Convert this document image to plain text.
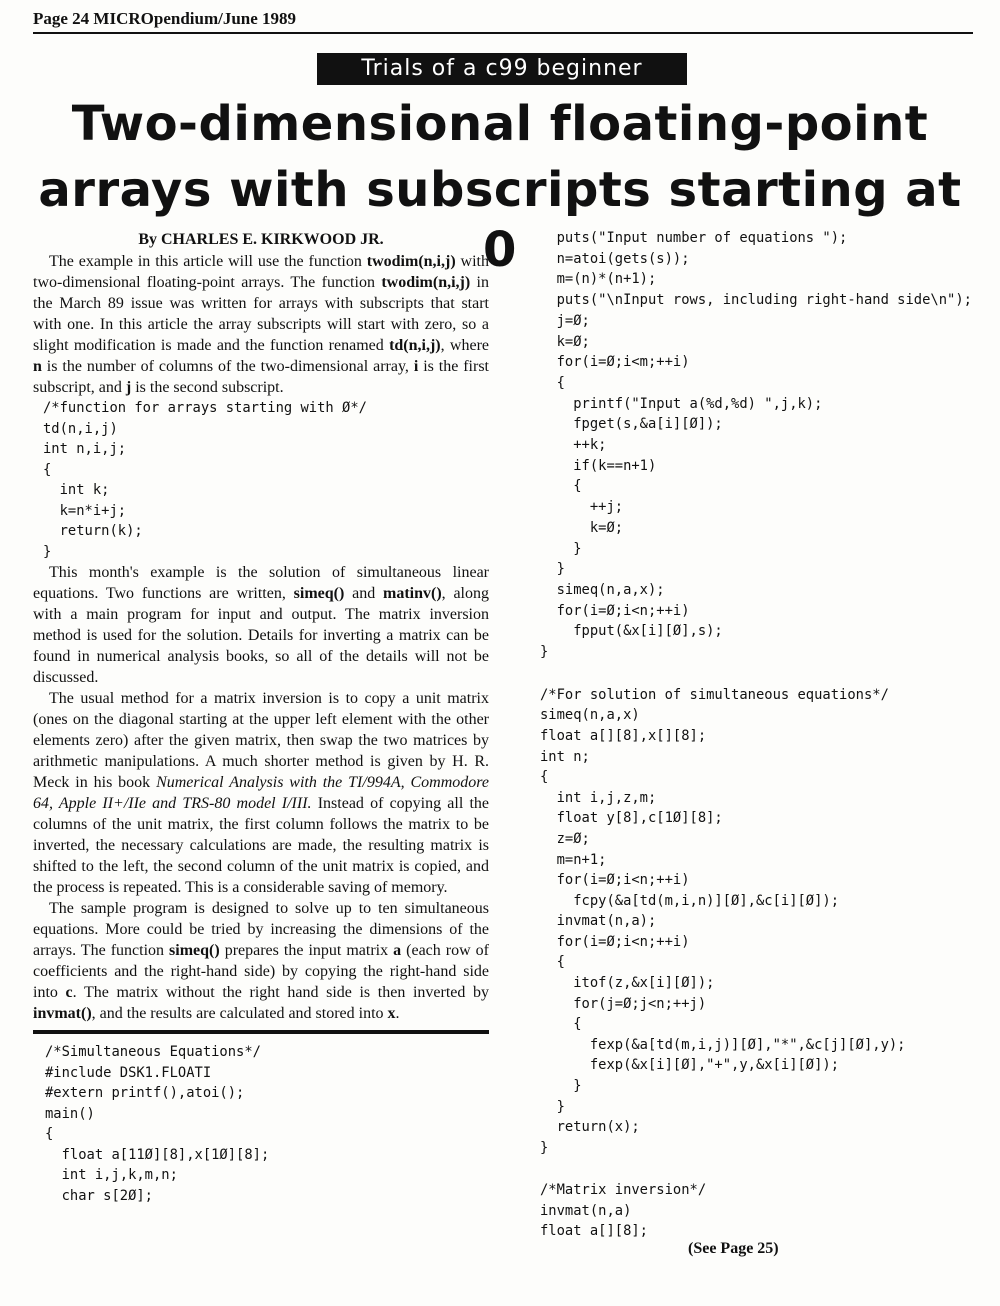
Page 24 MICROpendium/June 1989
Trials of a c99 beginner
Two-dimensional floating-point
arrays with subscripts starting at 0
By CHARLES E. KIRKWOOD JR.

The example in this article will use the function twodim(n,i,j) with two-dimensional floating-point arrays. The function twodim(n,i,j) in the March 89 issue was written for arrays with subscripts that start with one. In this article the array subscripts will start with zero, so a slight modification is made and the function renamed td(n,i,j), where n is the number of columns of the two-dimensional array, i is the first subscript, and j is the second subscript.

/*function for arrays starting with Ø*/
td(n,i,j)
int n,i,j;
{
int k;
k=n*i+j;
return(k);
}

This month's example is the solution of simultaneous linear equations. Two functions are written, simeq() and matinv(), along with a main program for input and output. The matrix inversion method is used for the solution. Details for inverting a matrix can be found in numerical analysis books, so all of the details will not be discussed.

The usual method for a matrix inversion is to copy a unit matrix (ones on the diagonal starting at the upper left element with the other elements zero) after the given matrix, then swap the two matrices by arithmetic manipulations. A much shorter method is given by H. R. Meck in his book Numerical Analysis with the TI/994A, Commodore 64, Apple II+/IIe and TRS-80 model I/III. Instead of copying all the columns of the unit matrix, the first column follows the matrix to be inverted, the necessary calculations are made, the resulting matrix is shifted to the left, the second column of the unit matrix is copied, and the process is repeated. This is a considerable saving of memory.

The sample program is designed to solve up to ten simultaneous equations. More could be tried by increasing the dimensions of the arrays. The function simeq() prepares the input matrix a (each row of coefficients and the right-hand side) by copying the right-hand side into c. The matrix without the right hand side is then inverted by invmat(), and the results are calculated and stored into x.

/*Simultaneous Equations*/
#include DSK1.FLOATI
#extern printf(),atoi();
main()
{
float a[11Ø][8],x[1Ø][8];
int i,j,k,m,n;
char s[2Ø];
puts("Input number of equations ");
n=atoi(gets(s));
m=(n)*(n+1);
puts("\nInput rows, including right-hand side\n");
j=Ø;
k=Ø;
for(i=Ø;i<m;++i)
{
printf("Input a(%d,%d) ",j,k);
fpget(s,&a[i][Ø]);
++k;
if(k==n+1)
{
++j;
k=Ø;
}
}
simeq(n,a,x);
for(i=Ø;i<n;++i)
fpput(&x[i][Ø],s);
}
/*For solution of simultaneous equations*/
simeq(n,a,x)
float a[][8],x[][8];
int n;
{
int i,j,z,m;
float y[8],c[1Ø][8];
z=Ø;
m=n+1;
for(i=Ø;i<n;++i)
fcpy(&a[td(m,i,n)][Ø],&c[i][Ø]);
invmat(n,a);
for(i=Ø;i<n;++i)
{
itof(z,&x[i][Ø]);
for(j=Ø;j<n;++j)
{
fexp(&a[td(m,i,j)][Ø],"*",&c[j][Ø],y);
fexp(&x[i][Ø],"+",y,&x[i][Ø]);
}
}
return(x);
}
/*Matrix inversion*/
invmat(n,a)
float a[][8];
(See Page 25)
